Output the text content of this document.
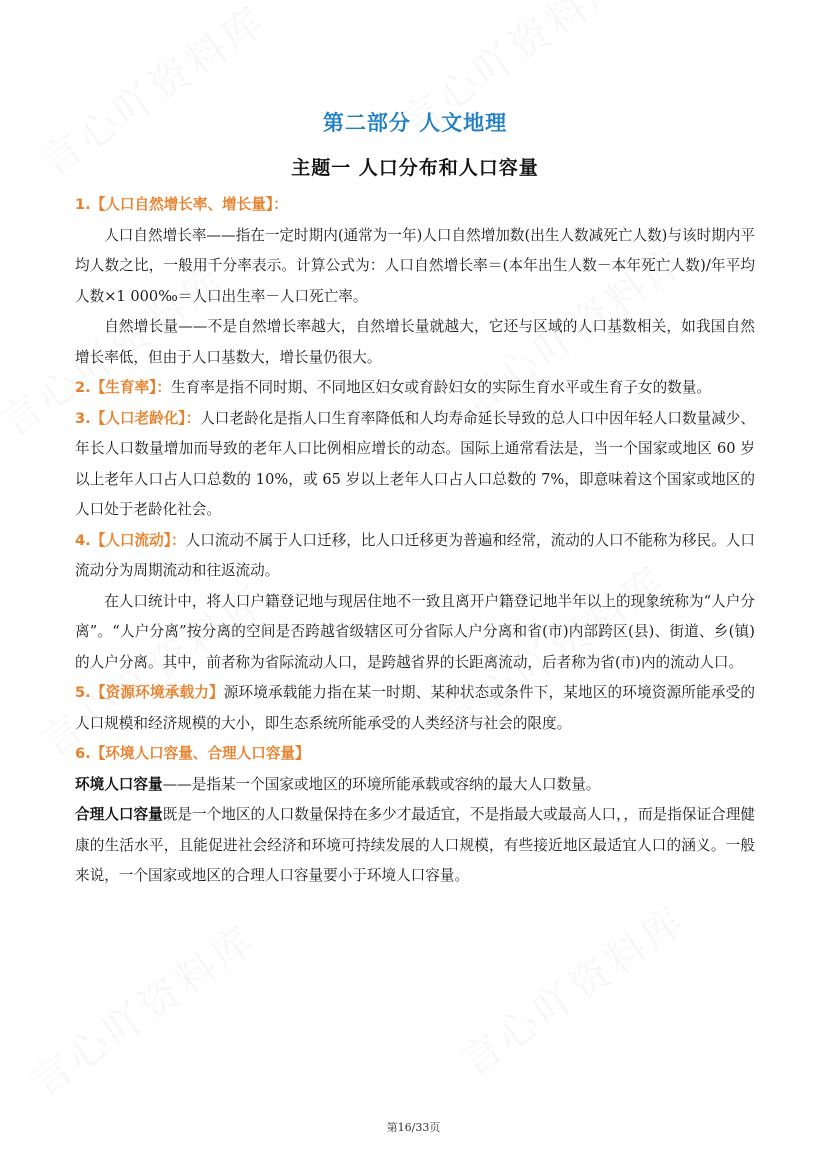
第二部分 人文地理
主题一 人口分布和人口容量

1.【人口自然增长率、增长量】：

人口自然增长率——指在一定时期内(通常为一年)人口自然增加数(出生人数减死亡人数)与该时期内平均人数之比，一般用千分率表示。计算公式为：人口自然增长率＝(本年出生人数－本年死亡人数)/年平均人数×1 000‰＝人口出生率－人口死亡率。

自然增长量——不是自然增长率越大，自然增长量就越大，它还与区域的人口基数相关，如我国自然增长率低，但由于人口基数大，增长量仍很大。

2.【生育率】：生育率是指不同时期、不同地区妇女或育龄妇女的实际生育水平或生育子女的数量。

3.【人口老龄化】：人口老龄化是指人口生育率降低和人均寿命延长导致的总人口中因年轻人口数量减少、年长人口数量增加而导致的老年人口比例相应增长的动态。国际上通常看法是，当一个国家或地区 60 岁以上老年人口占人口总数的 10%，或 65 岁以上老年人口占人口总数的 7%，即意味着这个国家或地区的人口处于老龄化社会。

4.【人口流动】：人口流动不属于人口迁移，比人口迁移更为普遍和经常，流动的人口不能称为移民。人口流动分为周期流动和往返流动。

在人口统计中，将人口户籍登记地与现居住地不一致且离开户籍登记地半年以上的现象统称为“人户分离”。“人户分离”按分离的空间是否跨越省级辖区可分省际人户分离和省(市)内部跨区(县)、街道、乡(镇)的人户分离。其中，前者称为省际流动人口，是跨越省界的长距离流动，后者称为省(市)内的流动人口。

5.【资源环境承载力】源环境承载能力指在某一时期、某种状态或条件下，某地区的环境资源所能承受的人口规模和经济规模的大小，即生态系统所能承受的人类经济与社会的限度。

6.【环境人口容量、合理人口容量】

环境人口容量——是指某一个国家或地区的环境所能承载或容纳的最大人口数量。

合理人口容量既是一个地区的人口数量保持在多少才最适宜，不是指最大或最高人口，，而是指保证合理健康的生活水平，且能促进社会经济和环境可持续发展的人口规模，有些接近地区最适宜人口的涵义。一般来说，一个国家或地区的合理人口容量要小于环境人口容量。

第16/33页
